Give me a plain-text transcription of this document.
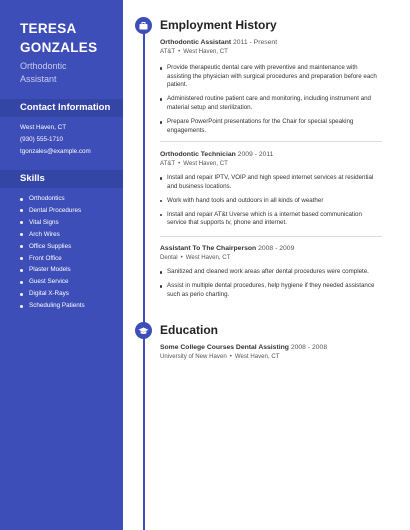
TERESA
GONZALES
Orthodontic
Assistant
Contact Information
West Haven, CT
(930) 555-1710
tgonzales@example.com
Skills
Orthodontics
Dental Procedures
Vital Signs
Arch Wires
Office Supplies
Front Office
Plaster Models
Guest Service
Digital X-Rays
Scheduling Patients
Employment History
Orthodontic Assistant 2011 - Present
AT&T • West Haven, CT
Provide therapeutic dental care with preventive and maintenance with assisting the physician with surgical procedures and preparation before each patient.
Administered routine patient care and monitoring, including instrument and material setup and sterilization.
Prepare PowerPoint presentations for the Chair for special speaking engagements.
Orthodontic Technician 2009 - 2011
AT&T • West Haven, CT
Install and repair IPTV, VOIP and high speed internet services at residential and business locations.
Work with hand tools and outdoors in all kinds of weather
Install and repair AT&t Uverse which is a internet based communication service that supports tv, phone and internet.
Assistant To The Chairperson 2008 - 2009
Dental • West Haven, CT
Sanitized and cleaned work areas after dental procedures were complete.
Assist in multiple dental procedures, help hygiene if they needed assistance such as perio charting.
Education
Some College Courses Dental Assisting 2008 - 2008
University of New Haven • West Haven, CT
